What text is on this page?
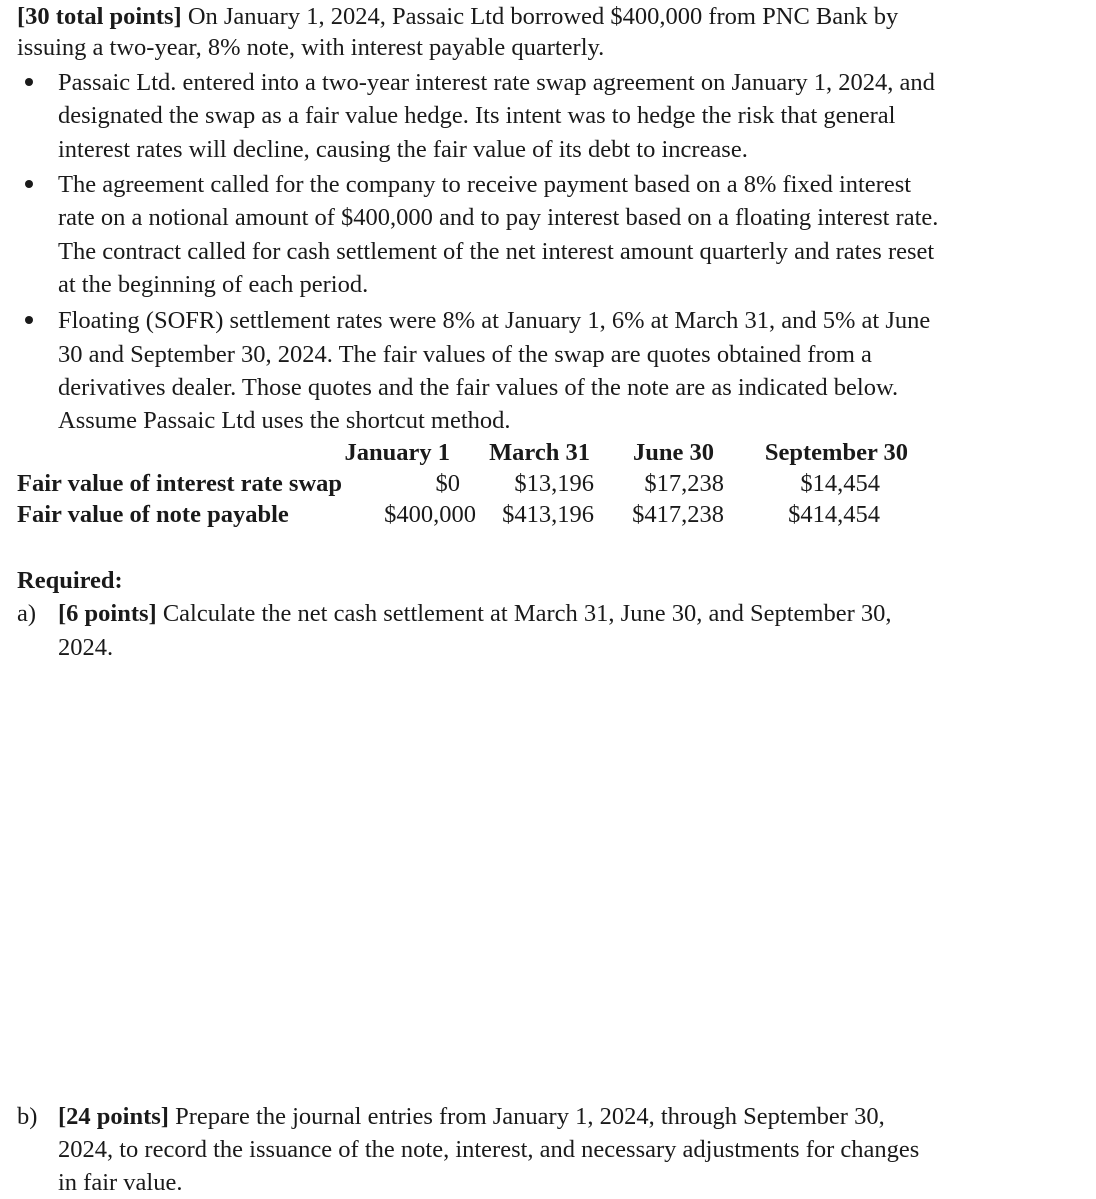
[30 total points] On January 1, 2024, Passaic Ltd borrowed $400,000 from PNC Bank by
issuing a two-year, 8% note, with interest payable quarterly.
Passaic Ltd. entered into a two-year interest rate swap agreement on January 1, 2024, and
designated the swap as a fair value hedge. Its intent was to hedge the risk that general
interest rates will decline, causing the fair value of its debt to increase.
The agreement called for the company to receive payment based on a 8% fixed interest
rate on a notional amount of $400,000 and to pay interest based on a floating interest rate.
The contract called for cash settlement of the net interest amount quarterly and rates reset
at the beginning of each period.
Floating (SOFR) settlement rates were 8% at January 1, 6% at March 31, and 5% at June
30 and September 30, 2024. The fair values of the swap are quotes obtained from a
derivatives dealer. Those quotes and the fair values of the note are as indicated below.
Assume Passaic Ltd uses the shortcut method.
January 1	March 31	June 30	September 30
Fair value of interest rate swap	$0	$13,196	$17,238	$14,454
Fair value of note payable	$400,000	$413,196	$417,238	$414,454
Required:
a) [6 points] Calculate the net cash settlement at March 31, June 30, and September 30,
2024.
b) [24 points] Prepare the journal entries from January 1, 2024, through September 30,
2024, to record the issuance of the note, interest, and necessary adjustments for changes
in fair value.
